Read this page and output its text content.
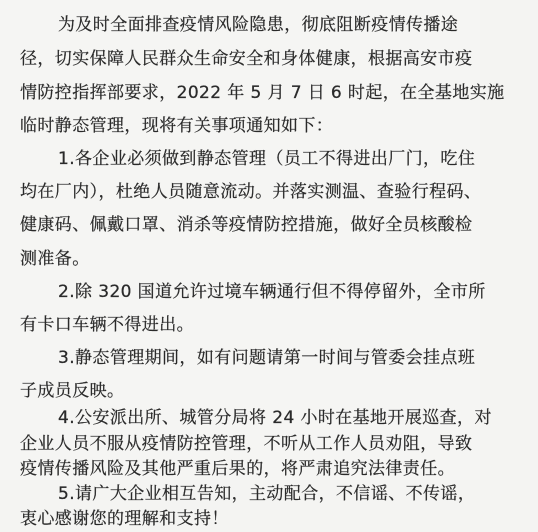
为及时全面排查疫情风险隐患，彻底阻断疫情传播途
径，切实保障人民群众生命安全和身体健康，根据高安市疫
情防控指挥部要求，2022 年 5 月 7 日 6 时起，在全基地实施
临时静态管理，现将有关事项通知如下：
1.各企业必须做到静态管理（员工不得进出厂门，吃住
均在厂内），杜绝人员随意流动。并落实测温、查验行程码、
健康码、佩戴口罩、消杀等疫情防控措施，做好全员核酸检
测准备。
2.除 320 国道允许过境车辆通行但不得停留外，全市所
有卡口车辆不得进出。
3.静态管理期间，如有问题请第一时间与管委会挂点班
子成员反映。
4.公安派出所、城管分局将 24 小时在基地开展巡查，对
企业人员不服从疫情防控管理，不听从工作人员劝阻，导致
疫情传播风险及其他严重后果的，将严肃追究法律责任。
5.请广大企业相互告知，主动配合，不信谣、不传谣，
衷心感谢您的理解和支持！
